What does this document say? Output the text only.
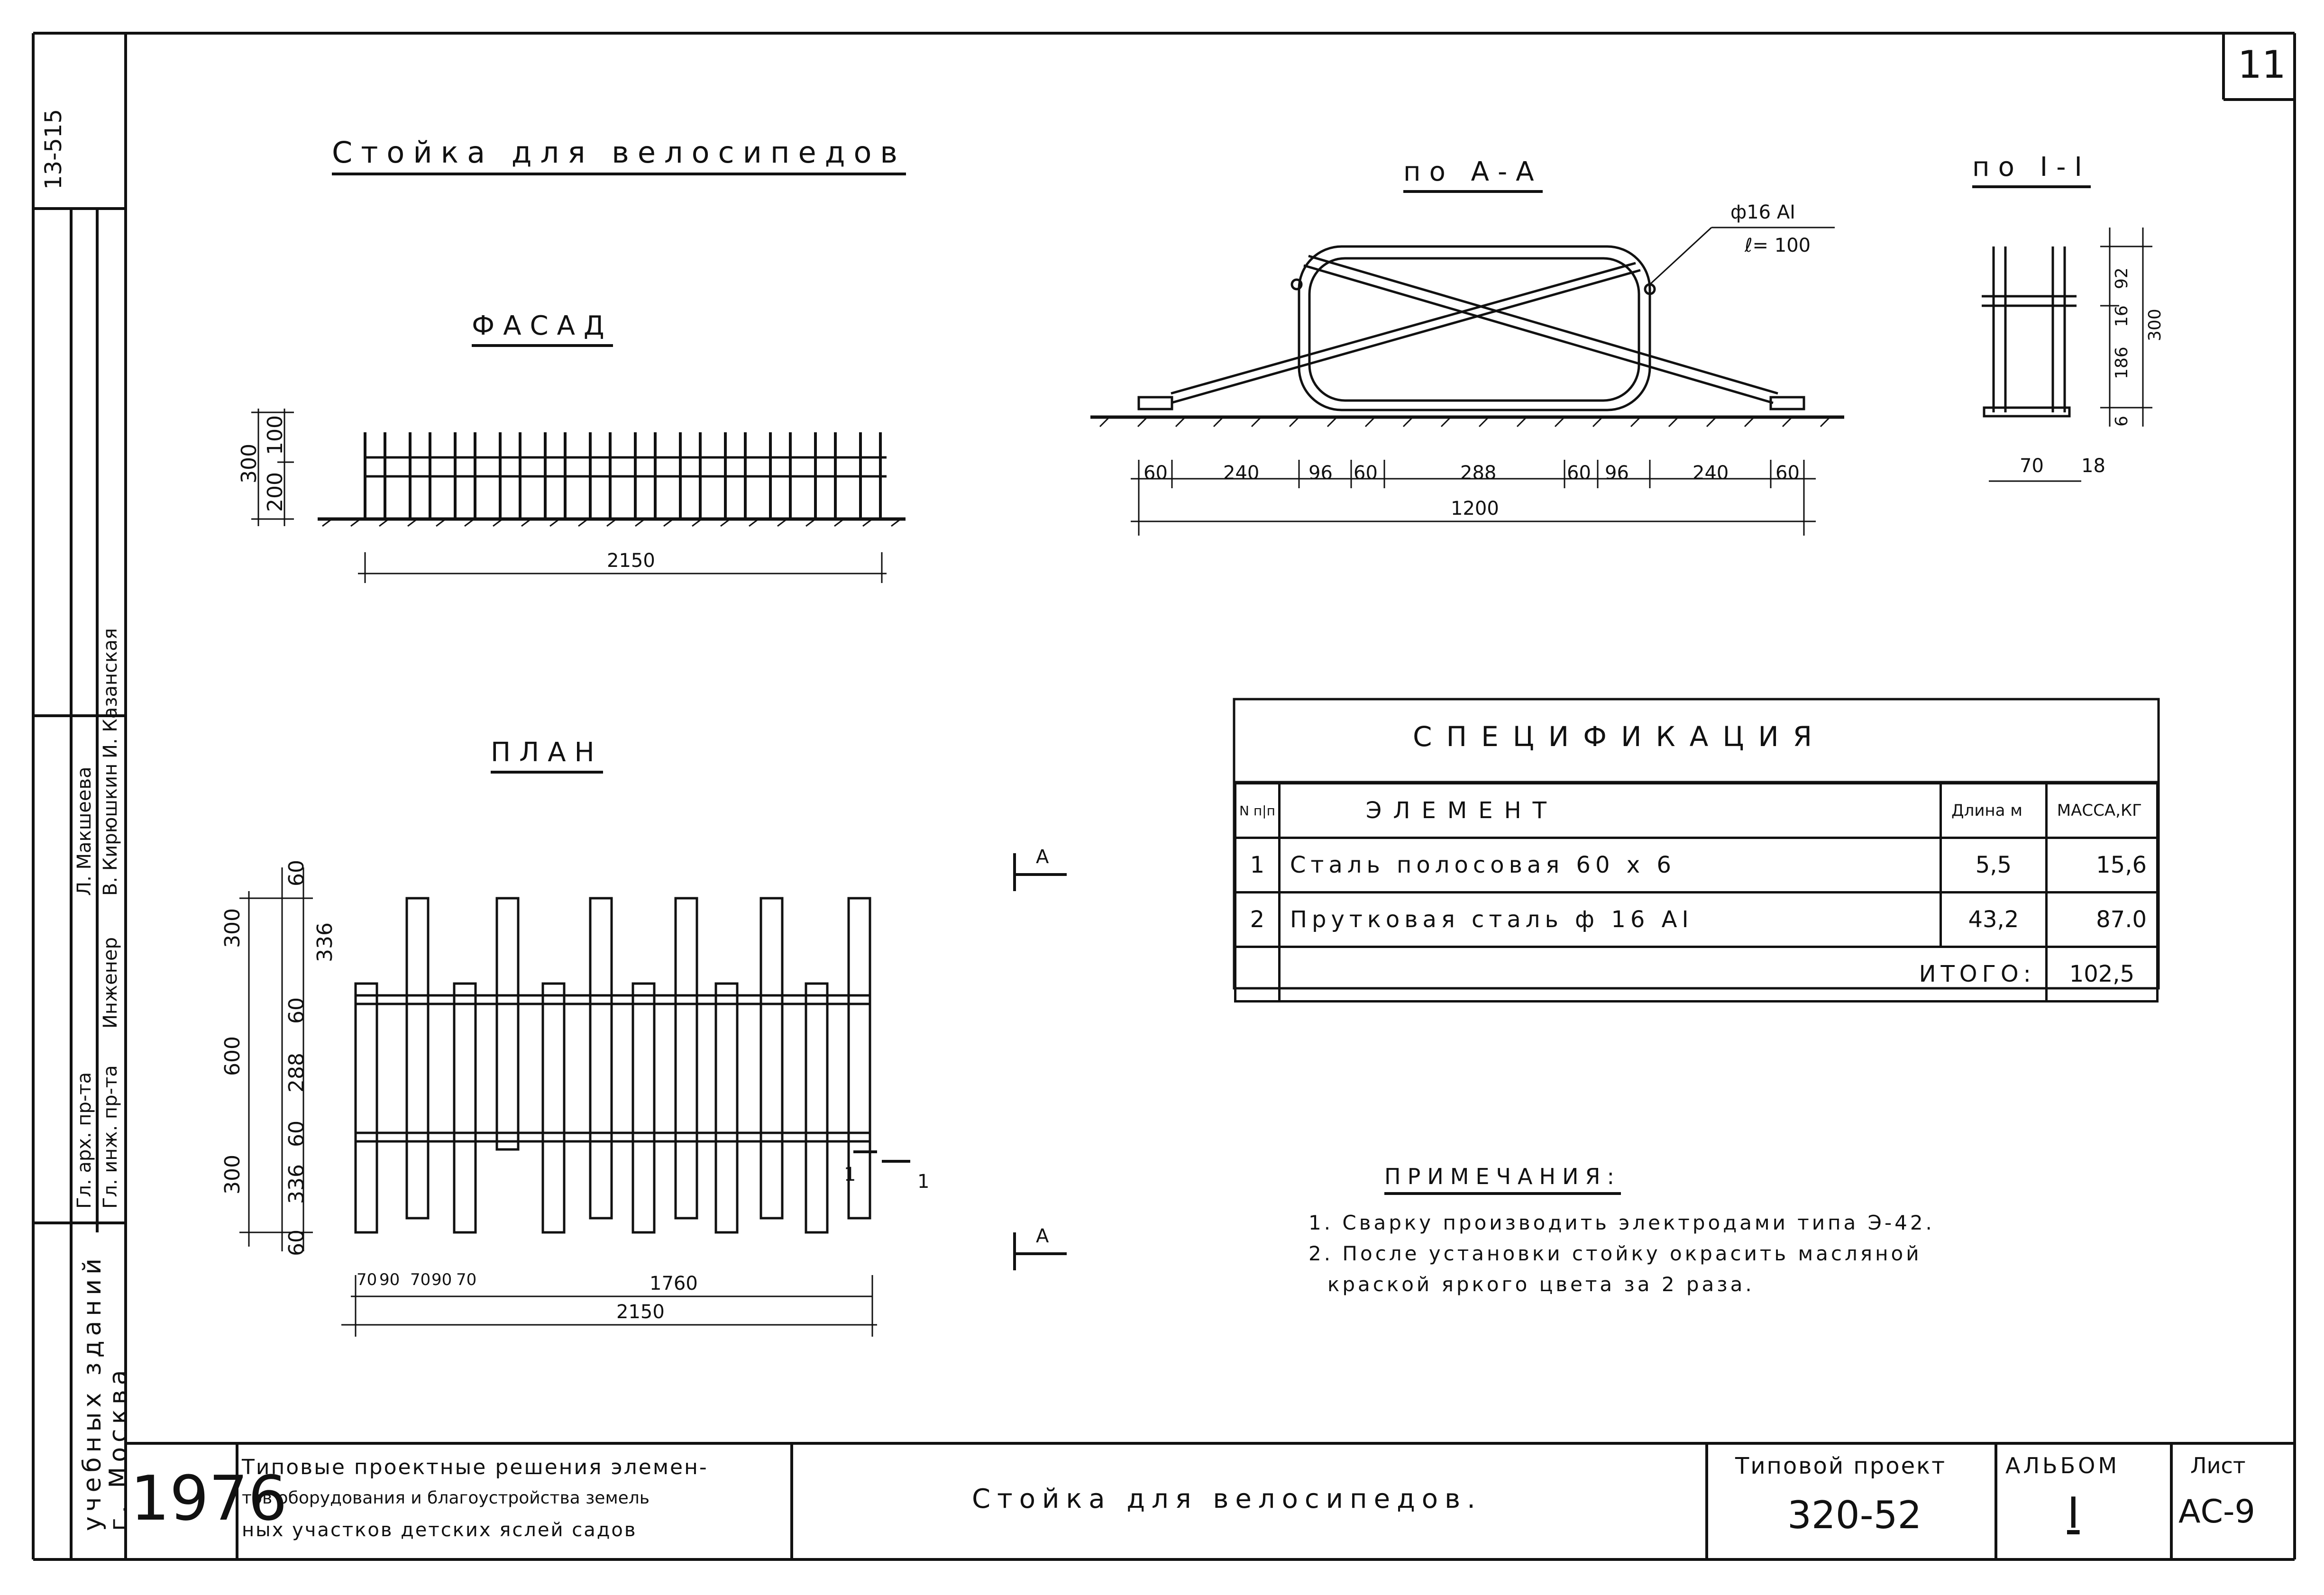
11
Стойка для велосипедов
ФАСАД
ПЛАН
по А-А	по I-I
300
200
100
2150
300
600
300
60
336
60
288
60
336
60
70 90 70 90 70	1760
2150
1	1
ф16 АI
ℓ= 100
60	240	96 60	288	60 96	240 60
1200
92
16
186
300
6
70 18
А
А
СПЕЦИФИКАЦИЯ
N п|п	ЭЛЕМЕНТ	Длина м	МАССА,КГ
1	Сталь полосовая 60 х 6	5,5	15,6
2	Прутковая сталь ф 16 АI	43,2	87.0
	ИТОГО:		102,5
ПРИМЕЧАНИЯ:
1. Сварку производить электродами типа Э-42.
2. После установки стойку окрасить масляной
краской яркого цвета за 2 раза.
1976
Типовые проектные решения элемен-
тов оборудования и благоустройства земель
ных участков детских яслей садов
Стойка для велосипедов.
Типовой проект
320-52
АЛЬБОМ
I
Лист
АС-9
учебных зданий
г. Москва
13-515
Гл. арх. пр-та Гл. инж. пр-та
Инженер
Л. Макшеева В. Кирюшкин
И. Казанская
